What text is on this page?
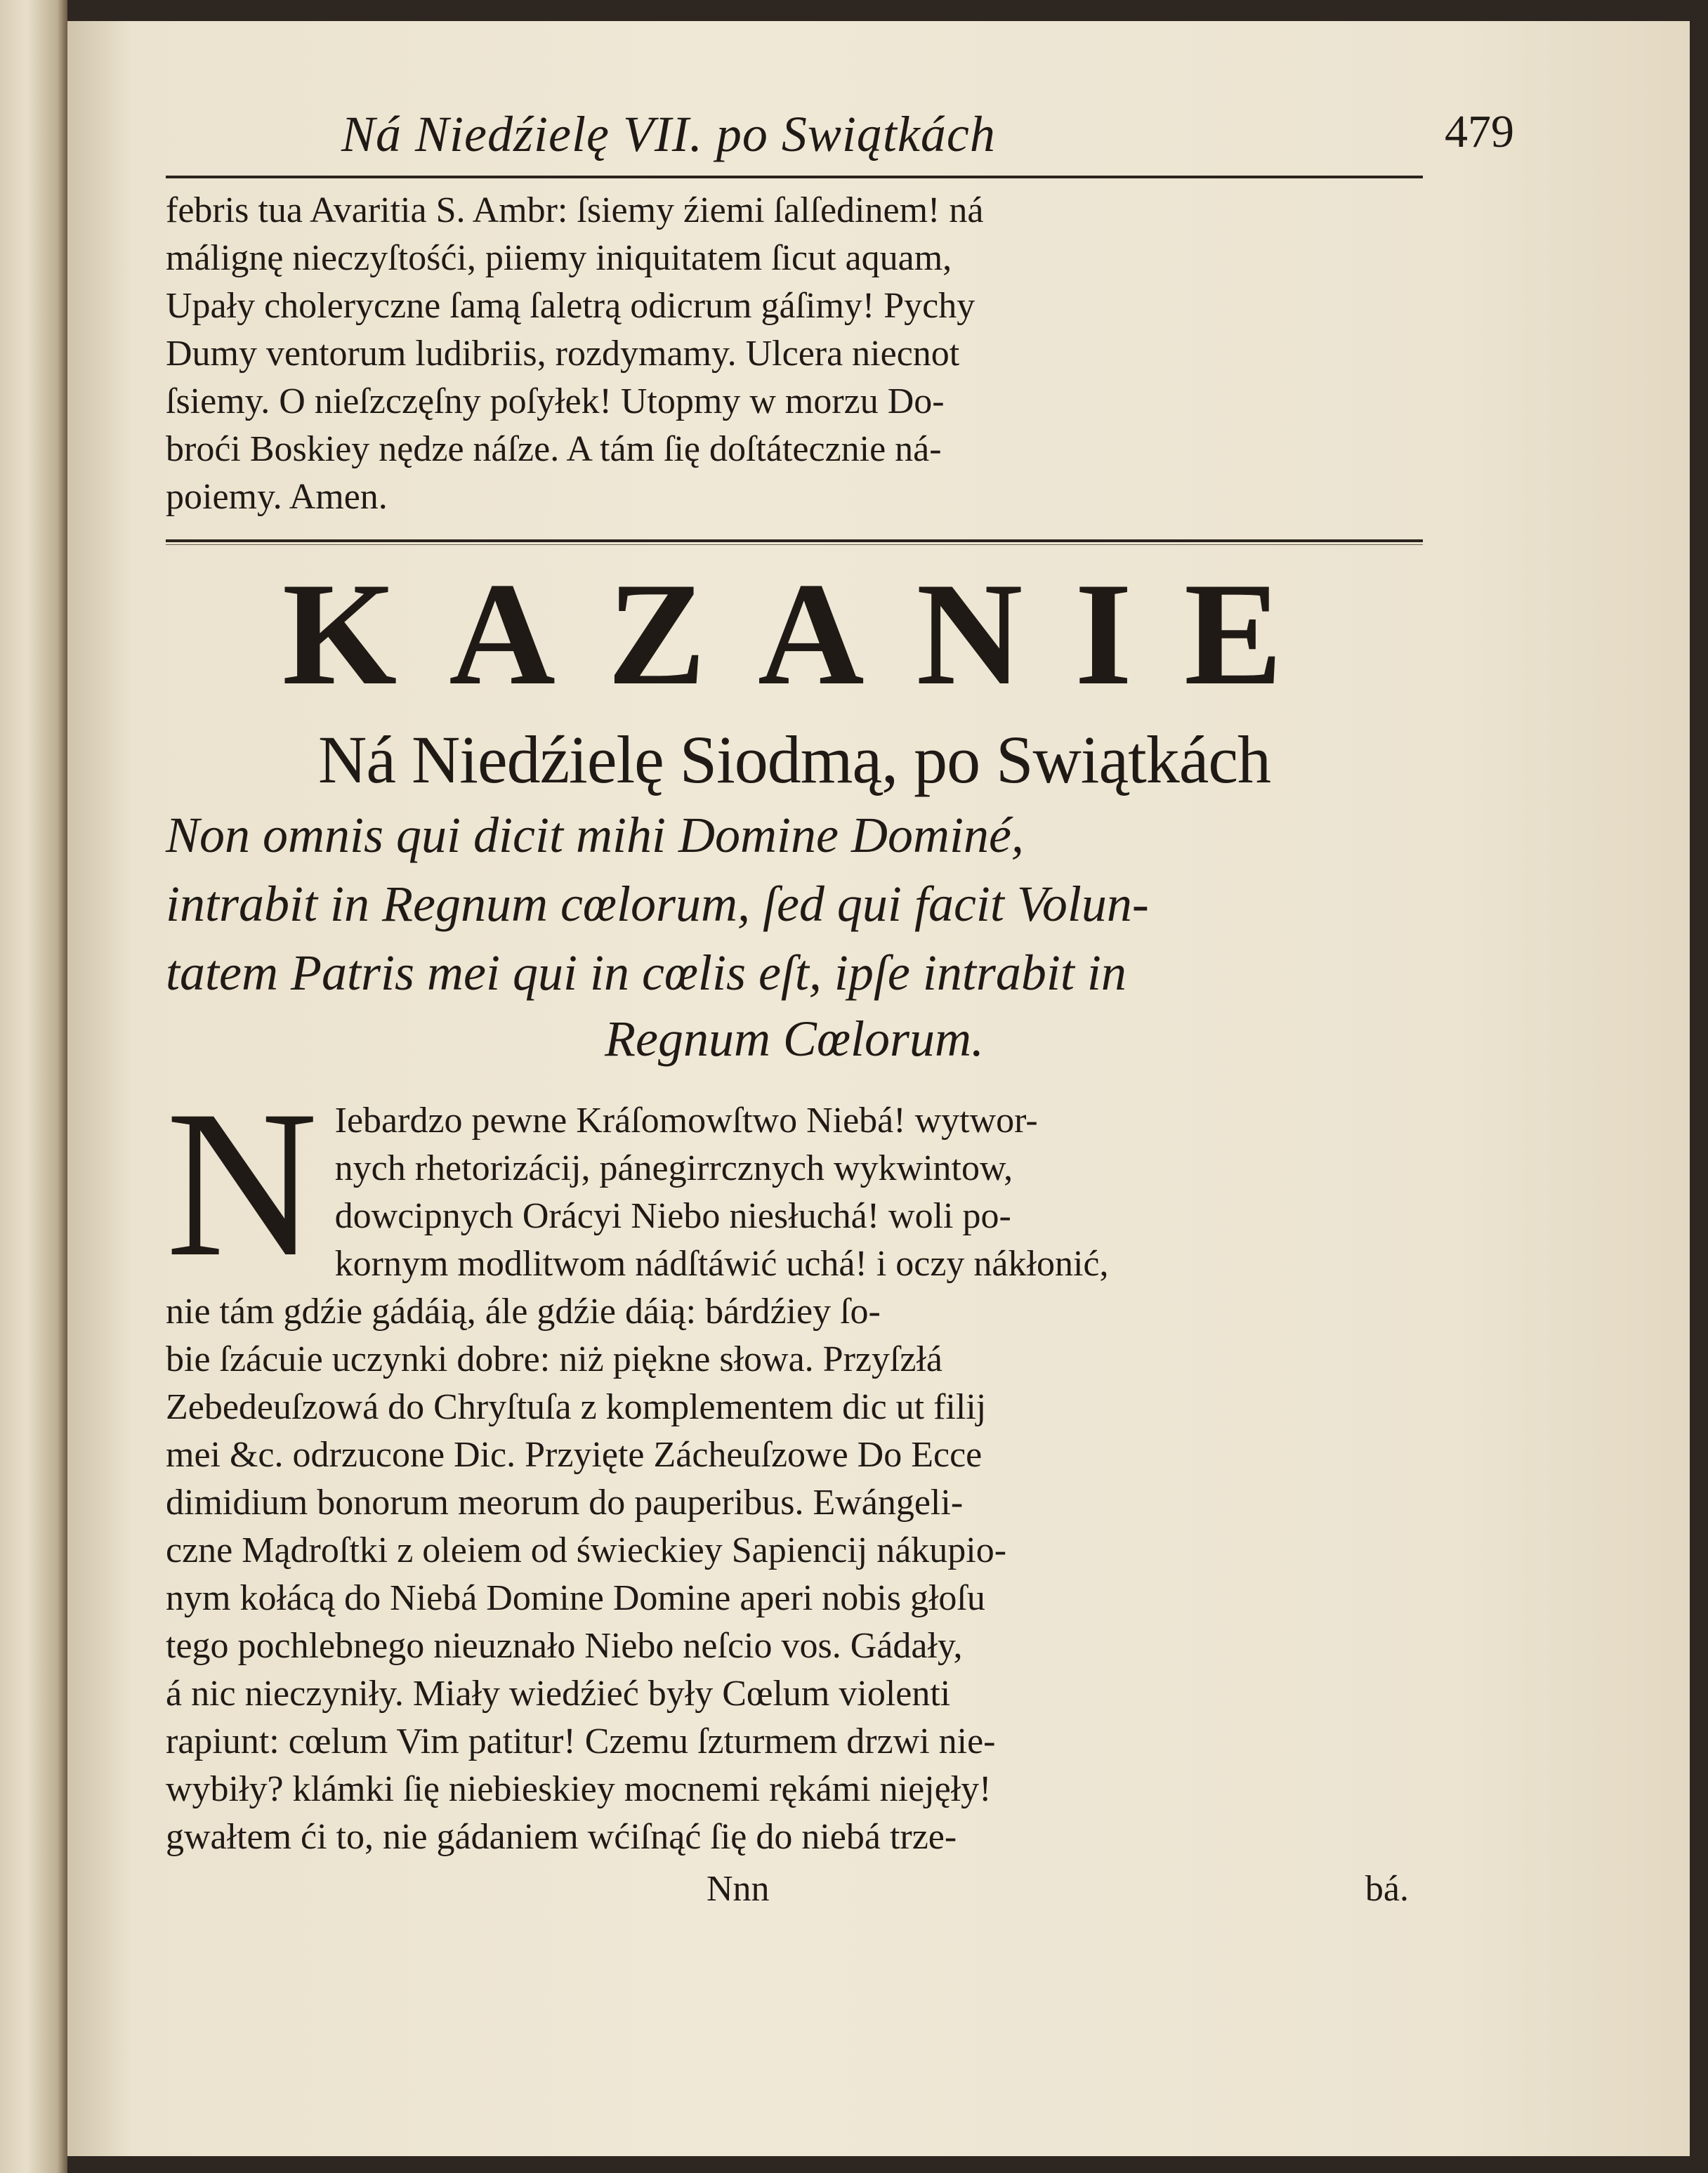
Ná Niedźielę VII. po Swiątkách	479

febris tua Avaritia S. Ambr: ſsiemy źiemi ſalſedinem! ná

málignę nieczyſtośći, piiemy iniquitatem ſicut aquam,

Upały choleryczne ſamą ſaletrą odicrum gáſimy! Pychy

Dumy ventorum ludibriis, rozdymamy. Ulcera niecnot

ſsiemy. O nieſzczęſny poſyłek! Utopmy w morzu Do-

broći Boskiey nędze náſze. A tám ſię doſtátecznie ná-

poiemy. Amen.

KAZANIE
Ná Niedźielę Siodmą, po Swiątkách
Non omnis qui dicit mihi Domine Dominé,
intrabit in Regnum cœlorum, ſed qui facit Volun-
tatem Patris mei qui in cœlis eſt, ipſe intrabit in
Regnum Cœlorum.
N Iebardzo pewne Kráſomowſtwo Niebá! wytwor-

nych rhetorizácij, pánegirrcznych wykwintow,

dowcipnych Orácyi Niebo niesłuchá! woli po-

kornym modlitwom nádſtáwić uchá! i oczy nákłonić,

nie tám gdźie gádáią, ále gdźie dáią: bárdźiey ſo-

bie ſzácuie uczynki dobre: niż piękne słowa. Przyſzłá

Zebedeuſzowá do Chryſtuſa z komplementem dic ut filij

mei &c. odrzucone Dic. Przyięte Zácheuſzowe Do Ecce

dimidium bonorum meorum do pauperibus. Ewángeli-

czne Mądroſtki z oleiem od świeckiey Sapiencij nákupio-

nym kołácą do Niebá Domine Domine aperi nobis głoſu

tego pochlebnego nieuznało Niebo neſcio vos. Gádały,

á nic nieczyniły. Miały wiedźieć były Cœlum violenti

rapiunt: cœlum Vim patitur! Czemu ſzturmem drzwi nie-

wybiły? klámki ſię niebieskiey mocnemi rękámi niejęły!

gwałtem ći to, nie gádaniem wćiſnąć ſię do niebá trze-

Nnn	bá.
